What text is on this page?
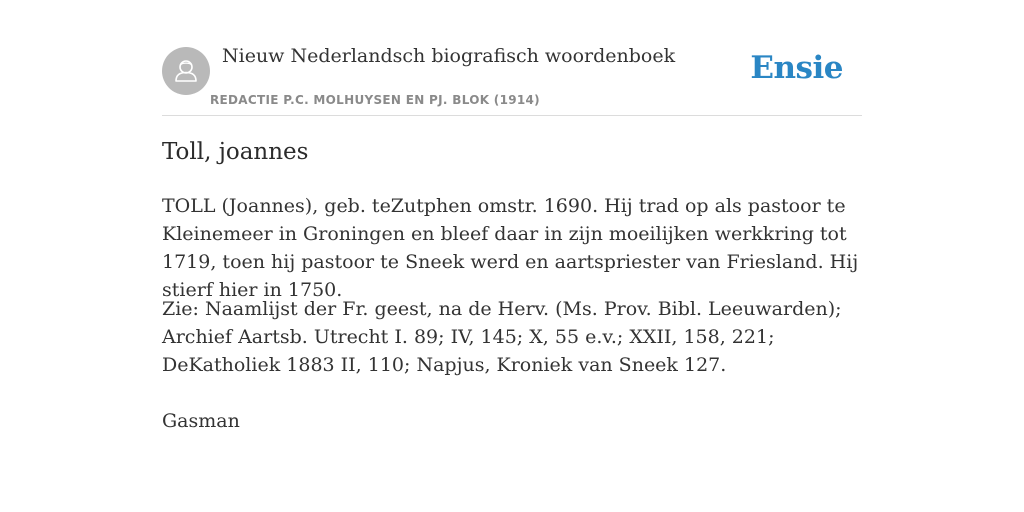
Nieuw Nederlandsch biografisch woordenboek
REDACTIE P.C. MOLHUYSEN EN PJ. BLOK (1914)
Ensie
Toll, joannes

TOLL (Joannes), geb. teZutphen omstr. 1690. Hij trad op als pastoor te Kleinemeer in Groningen en bleef daar in zijn moeilijken werkkring tot 1719, toen hij pastoor te Sneek werd en aartspriester van Friesland. Hij stierf hier in 1750.

Zie: Naamlijst der Fr. geest, na de Herv. (Ms. Prov. Bibl. Leeuwarden); Archief Aartsb. Utrecht I. 89; IV, 145; X, 55 e.v.; XXII, 158, 221; DeKatholiek 1883 II, 110; Napjus, Kroniek van Sneek 127.

Gasman
